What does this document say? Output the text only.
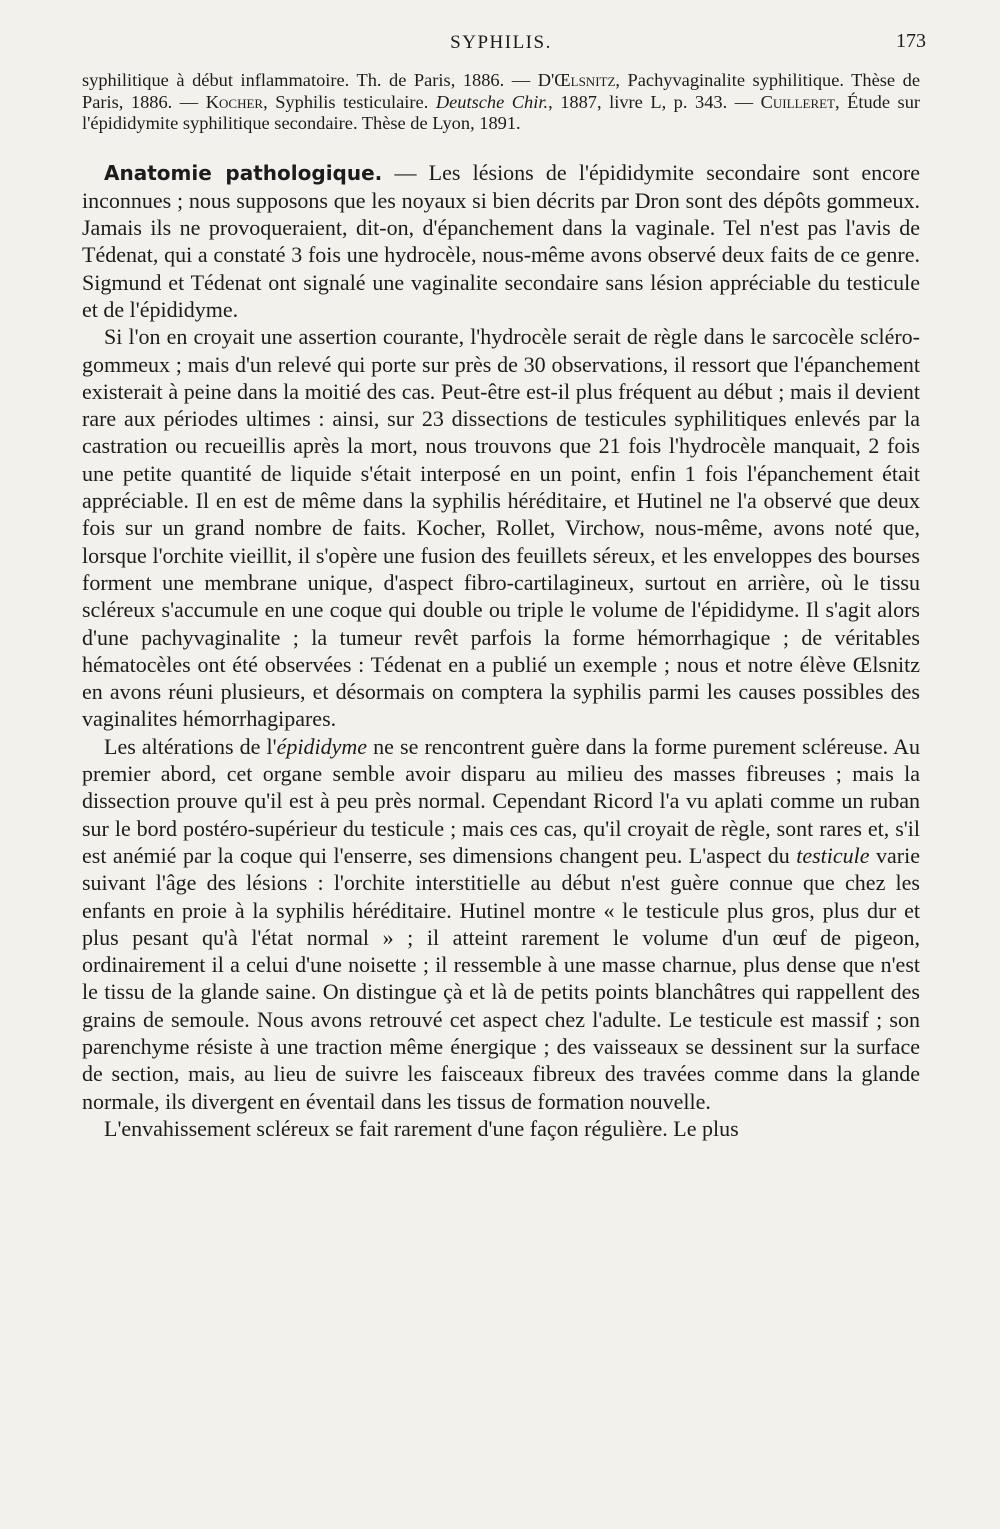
SYPHILIS.	173

syphilitique à début inflammatoire. Th. de Paris, 1886. — D'Œlsnitz, Pachyvaginalite syphilitique. Thèse de Paris, 1886. — Kocher, Syphilis testiculaire. Deutsche Chir., 1887, livre L, p. 343. — Cuilleret, Étude sur l'épididymite syphilitique secondaire. Thèse de Lyon, 1891.

Anatomie pathologique. — Les lésions de l'épididymite secondaire sont encore inconnues ; nous supposons que les noyaux si bien décrits par Dron sont des dépôts gommeux. Jamais ils ne provoqueraient, dit-on, d'épanchement dans la vaginale. Tel n'est pas l'avis de Tédenat, qui a constaté 3 fois une hydrocèle, nous-même avons observé deux faits de ce genre. Sigmund et Tédenat ont signalé une vaginalite secondaire sans lésion appréciable du testicule et de l'épididyme.

Si l'on en croyait une assertion courante, l'hydrocèle serait de règle dans le sarcocèle scléro-gommeux ; mais d'un relevé qui porte sur près de 30 observations, il ressort que l'épanchement existerait à peine dans la moitié des cas. Peut-être est-il plus fréquent au début ; mais il devient rare aux périodes ultimes : ainsi, sur 23 dissections de testicules syphilitiques enlevés par la castration ou recueillis après la mort, nous trouvons que 21 fois l'hydrocèle manquait, 2 fois une petite quantité de liquide s'était interposé en un point, enfin 1 fois l'épanchement était appréciable. Il en est de même dans la syphilis héréditaire, et Hutinel ne l'a observé que deux fois sur un grand nombre de faits. Kocher, Rollet, Virchow, nous-même, avons noté que, lorsque l'orchite vieillit, il s'opère une fusion des feuillets séreux, et les enveloppes des bourses forment une membrane unique, d'aspect fibro-cartilagineux, surtout en arrière, où le tissu scléreux s'accumule en une coque qui double ou triple le volume de l'épididyme. Il s'agit alors d'une pachyvaginalite ; la tumeur revêt parfois la forme hémorrhagique ; de véritables hématocèles ont été observées : Tédenat en a publié un exemple ; nous et notre élève Œlsnitz en avons réuni plusieurs, et désormais on comptera la syphilis parmi les causes possibles des vaginalites hémorrhagipares.

Les altérations de l'épididyme ne se rencontrent guère dans la forme purement scléreuse. Au premier abord, cet organe semble avoir disparu au milieu des masses fibreuses ; mais la dissection prouve qu'il est à peu près normal. Cependant Ricord l'a vu aplati comme un ruban sur le bord postéro-supérieur du testicule ; mais ces cas, qu'il croyait de règle, sont rares et, s'il est anémié par la coque qui l'enserre, ses dimensions changent peu. L'aspect du testicule varie suivant l'âge des lésions : l'orchite interstitielle au début n'est guère connue que chez les enfants en proie à la syphilis héréditaire. Hutinel montre « le testicule plus gros, plus dur et plus pesant qu'à l'état normal » ; il atteint rarement le volume d'un œuf de pigeon, ordinairement il a celui d'une noisette ; il ressemble à une masse charnue, plus dense que n'est le tissu de la glande saine. On distingue çà et là de petits points blanchâtres qui rappellent des grains de semoule. Nous avons retrouvé cet aspect chez l'adulte. Le testicule est massif ; son parenchyme résiste à une traction même énergique ; des vaisseaux se dessinent sur la surface de section, mais, au lieu de suivre les faisceaux fibreux des travées comme dans la glande normale, ils divergent en éventail dans les tissus de formation nouvelle.

L'envahissement scléreux se fait rarement d'une façon régulière. Le plus
